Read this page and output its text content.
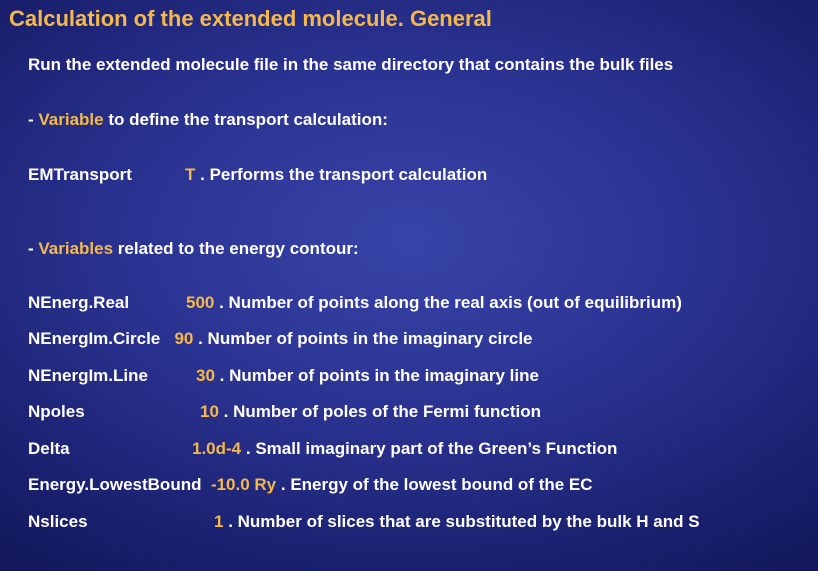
Calculation of the extended molecule. General
Run the extended molecule file in the same directory that contains the bulk files
- Variable to define the transport calculation:
EMTransport	T . Performs the transport calculation
- Variables related to the energy contour:
NEnerg.Real	500 . Number of points along the real axis (out of equilibrium)
NEnergIm.Circle 90 . Number of points in the imaginary circle
NEnergIm.Line	30 . Number of points in the imaginary line
Npoles	10 . Number of poles of the Fermi function
Delta	1.0d-4 . Small imaginary part of the Green’s Function
Energy.LowestBound -10.0 Ry . Energy of the lowest bound of the EC
Nslices	1 . Number of slices that are substituted by the bulk H and S
